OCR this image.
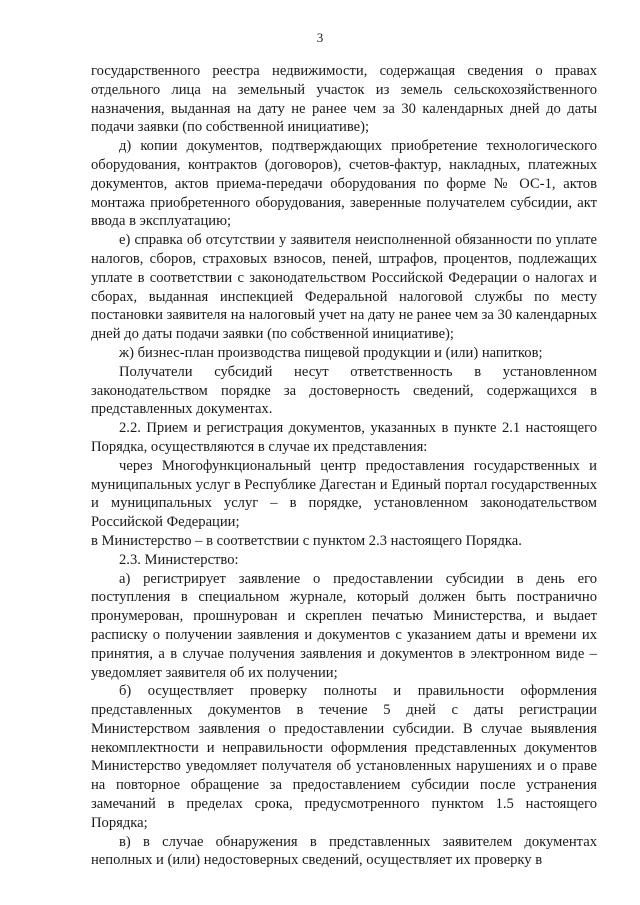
3

государственного реестра недвижимости, содержащая сведения о правах отдельного лица на земельный участок из земель сельскохозяйственного назначения, выданная на дату не ранее чем за 30 календарных дней до даты подачи заявки (по собственной инициативе);

д) копии документов, подтверждающих приобретение технологического оборудования, контрактов (договоров), счетов-фактур, накладных, платежных документов, актов приема-передачи оборудования по форме № ОС-1, актов монтажа приобретенного оборудования, заверенные получателем субсидии, акт ввода в эксплуатацию;

е) справка об отсутствии у заявителя неисполненной обязанности по уплате налогов, сборов, страховых взносов, пеней, штрафов, процентов, подлежащих уплате в соответствии с законодательством Российской Федерации о налогах и сборах, выданная инспекцией Федеральной налоговой службы по месту постановки заявителя на налоговый учет на дату не ранее чем за 30 календарных дней до даты подачи заявки (по собственной инициативе);

ж) бизнес-план производства пищевой продукции и (или) напитков;

Получатели субсидий несут ответственность в установленном законодательством порядке за достоверность сведений, содержащихся в представленных документах.

2.2. Прием и регистрация документов, указанных в пункте 2.1 настоящего Порядка, осуществляются в случае их представления:

через Многофункциональный центр предоставления государственных и муниципальных услуг в Республике Дагестан и Единый портал государственных и муниципальных услуг – в порядке, установленном законодательством Российской Федерации;

в Министерство – в соответствии с пунктом 2.3 настоящего Порядка.

2.3. Министерство:

а) регистрирует заявление о предоставлении субсидии в день его поступления в специальном журнале, который должен быть постранично пронумерован, прошнурован и скреплен печатью Министерства, и выдает расписку о получении заявления и документов с указанием даты и времени их принятия, а в случае получения заявления и документов в электронном виде – уведомляет заявителя об их получении;

б) осуществляет проверку полноты и правильности оформления представленных документов в течение 5 дней с даты регистрации Министерством заявления о предоставлении субсидии. В случае выявления некомплектности и неправильности оформления представленных документов Министерство уведомляет получателя об установленных нарушениях и о праве на повторное обращение за предоставлением субсидии после устранения замечаний в пределах срока, предусмотренного пунктом 1.5 настоящего Порядка;

в) в случае обнаружения в представленных заявителем документах неполных и (или) недостоверных сведений, осуществляет их проверку в
